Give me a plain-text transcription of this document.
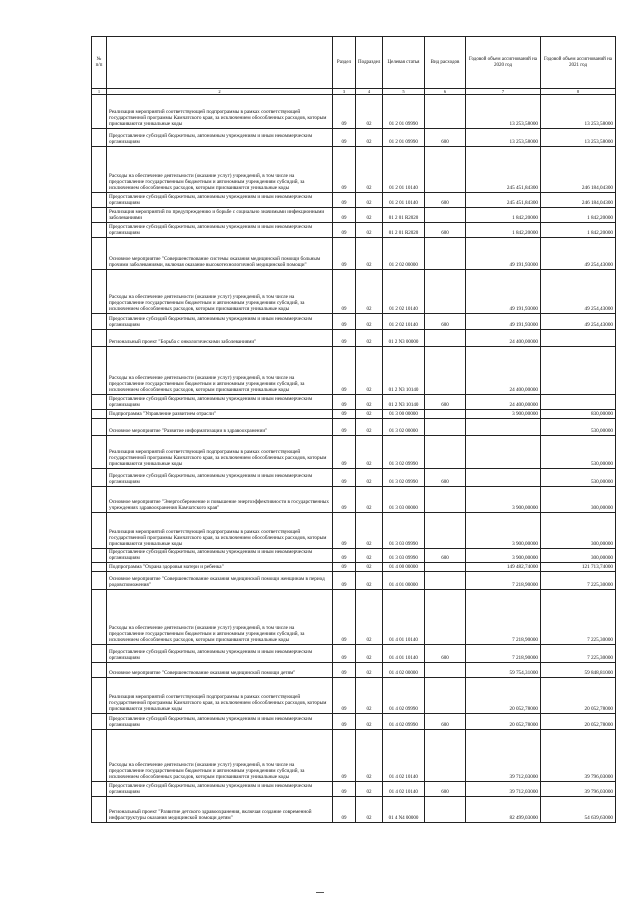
№ п/п		Раздел	Подраздел	Целевая статья	Вид расходов	Годовой объем ассигнований на 2020 год	Годовой объем ассигнований на 2021 год
1	2	3	4	5	6	7	8
	Реализация мероприятий соответствующей подпрограммы в рамках соответствующей государственной программы Камчатского края, за исключением обособленных расходов, которым присваиваются уникальные коды	09	02	01 2 01 09990		13 253,58000	13 253,58000
	Предоставление субсидий бюджетным, автономным учреждениям и иным некоммерческим организациям	09	02	01 2 01 09990	600	13 253,58000	13 253,58000
	Расходы на обеспечение деятельности (оказание услуг) учреждений, в том числе на предоставление государственным бюджетным и автономным учреждениям субсидий, за исключением обособленных расходов, которым присваиваются уникальные коды	09	02	01 2 01 10140		245 451,84300	246 184,04300
	Предоставление субсидий бюджетным, автономным учреждениям и иным некоммерческим организациям	09	02	01 2 01 10140	600	245 451,84300	246 184,04300
	Реализация мероприятий по предупреждению и борьбе с социально значимыми инфекционными заболеваниями	09	02	01 2 01 R2020		1 842,20000	1 842,20000
	Предоставление субсидий бюджетным, автономным учреждениям и иным некоммерческим организациям	09	02	01 2 01 R2020	600	1 842,20000	1 842,20000
	Основное мероприятие "Совершенствование системы оказания медицинской помощи больным прочими заболеваниями, включая оказание высокотехнологичной медицинской помощи"	09	02	01 2 02 00000		49 191,93000	49 254,43000
	Расходы на обеспечение деятельности (оказание услуг) учреждений, в том числе на предоставление государственным бюджетным и автономным учреждениям субсидий, за исключением обособленных расходов, которым присваиваются уникальные коды	09	02	01 2 02 10140		49 191,93000	49 254,43000
	Предоставление субсидий бюджетным, автономным учреждениям и иным некоммерческим организациям	09	02	01 2 02 10140	600	49 191,93000	49 254,43000
	Региональный проект "Борьба с онкологическими заболеваниями"	09	02	01 2 N3 00000		24 400,00000	
	Расходы на обеспечение деятельности (оказание услуг) учреждений, в том числе на предоставление государственным бюджетным и автономным учреждениям субсидий, за исключением обособленных расходов, которым присваиваются уникальные коды	09	02	01 2 N3 10140		24 400,00000	
	Предоставление субсидий бюджетным, автономным учреждениям и иным некоммерческим организациям	09	02	01 2 N3 10140	600	24 400,00000	
	Подпрограмма "Управление развитием отрасли"	09	02	01 3 00 00000		3 900,00000	830,00000
	Основное мероприятие "Развитие информатизации в здравоохранении"	09	02	01 3 02 00000			530,00000
	Реализация мероприятий соответствующей подпрограммы в рамках соответствующей государственной программы Камчатского края, за исключением обособленных расходов, которым присваиваются уникальные коды	09	02	01 3 02 09990			530,00000
	Предоставление субсидий бюджетным, автономным учреждениям и иным некоммерческим организациям	09	02	01 3 02 09990	600		530,00000
	Основное мероприятие "Энергосбережение и повышение энергоэффективности в государственных учреждениях здравоохранения Камчатского края"	09	02	01 3 03 00000		3 900,00000	300,00000
	Реализация мероприятий соответствующей подпрограммы в рамках соответствующей государственной программы Камчатского края, за исключением обособленных расходов, которым присваиваются уникальные коды	09	02	01 3 03 09990		3 900,00000	300,00000
	Предоставление субсидий бюджетным, автономным учреждениям и иным некоммерческим организациям	09	02	01 3 03 09990	600	3 900,00000	300,00000
	Подпрограмма "Охрана здоровья матери и ребенка"	09	02	01 4 00 00000		149 482,74000	121 713,74000
	Основное мероприятие "Совершенствование оказания медицинской помощи женщинам в период родовспоможения"	09	02	01 4 01 00000		7 218,90000	7 225,30000
	Расходы на обеспечение деятельности (оказание услуг) учреждений, в том числе на предоставление государственным бюджетным и автономным учреждениям субсидий, за исключением обособленных расходов, которым присваиваются уникальные коды	09	02	01 4 01 10140		7 218,90000	7 225,30000
	Предоставление субсидий бюджетным, автономным учреждениям и иным некоммерческим организациям	09	02	01 4 01 10140	600	7 218,90000	7 225,30000
	Основное мероприятие "Совершенствование оказания медицинской помощи детям"	09	02	01 4 02 00000		59 754,31000	59 848,81000
	Реализация мероприятий соответствующей подпрограммы в рамках соответствующей государственной программы Камчатского края, за исключением обособленных расходов, которым присваиваются уникальные коды	09	02	01 4 02 09990		20 052,78000	20 052,78000
	Предоставление субсидий бюджетным, автономным учреждениям и иным некоммерческим организациям	09	02	01 4 02 09990	600	20 052,78000	20 052,78000
	Расходы на обеспечение деятельности (оказание услуг) учреждений, в том числе на предоставление государственным бюджетным и автономным учреждениям субсидий, за исключением обособленных расходов, которым присваиваются уникальные коды	09	02	01 4 02 10140		39 712,03000	39 796,03000
	Предоставление субсидий бюджетным, автономным учреждениям и иным некоммерческим организациям	09	02	01 4 02 10140	600	39 712,03000	39 796,03000
	Региональный проект "Развитие детского здравоохранения, включая создание современной инфраструктуры оказания медицинской помощи детям"	09	02	01 4 N4 00000		82 499,03000	54 639,63000
